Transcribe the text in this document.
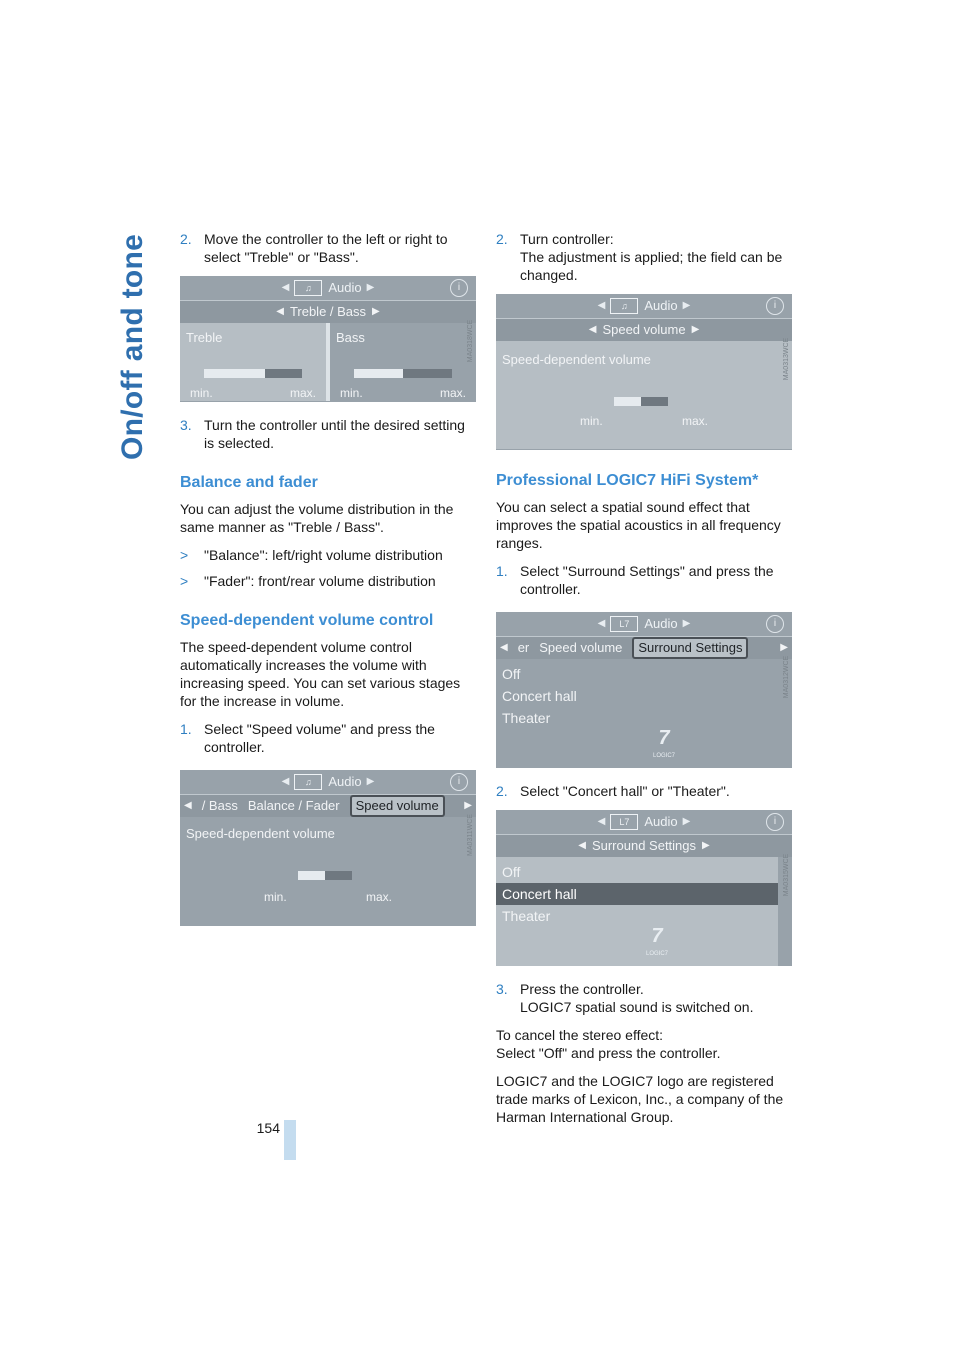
On/off and tone 2. Move the controller to the left or right to select "Treble" or "Bass".
◀	♫	Audio ▶	i
◀ Treble / Bass ▶
Treble
min.	max.
Bass
min.	max.
MA0318WCE
3. Turn the controller until the desired setting is selected.
Balance and fader

You can adjust the volume distribution in the same manner as "Treble / Bass".

>	"Balance": left/right volume distribution
>	"Fader": front/rear volume distribution
Speed-dependent volume control

The speed-dependent volume control automatically increases the volume with increasing speed. You can set various stages for the increase in volume.

1. Select "Speed volume" and press the controller.
◀	♫	Audio ▶	i
◀ / Bass Balance / Fader	Speed volume	▶
Speed-dependent volume
min.	max.
MA0311WCE
2. Turn controller:
The adjustment is applied; the field can be changed.
◀	♫	Audio ▶	i
◀ Speed volume ▶
Speed-dependent volume
min.	max.
MA0313WCE
Professional LOGIC7 HiFi System*

You can select a spatial sound effect that improves the spatial acoustics in all frequency ranges.

1. Select "Surround Settings" and press the controller.
◀	L7	Audio ▶	i
◀ er Speed volume	Surround Settings	▶
Off
Concert hall
Theater
7
LOGIC7
MA0312WCE
2. Select "Concert hall" or "Theater".
◀	L7	Audio ▶	i
◀ Surround Settings ▶
Off
Concert hall
Theater
7
LOGIC7
MA0315WCE
3. Press the controller.
LOGIC7 spatial sound is switched on.

To cancel the stereo effect:
Select "Off" and press the controller.

LOGIC7 and the LOGIC7 logo are registered trade marks of Lexicon, Inc., a company of the Harman International Group.

154
